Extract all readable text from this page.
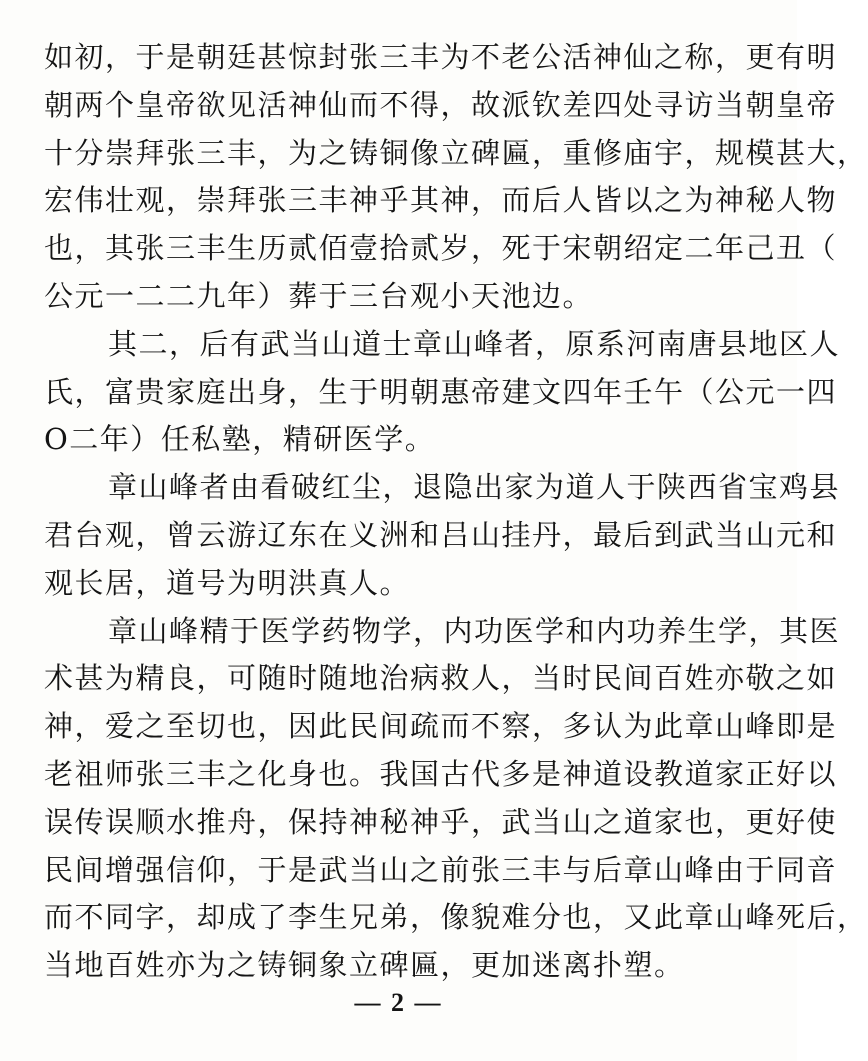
如初，于是朝廷甚惊封张三丰为不老公活神仙之称，更有明
朝两个皇帝欲见活神仙而不得，故派钦差四处寻访当朝皇帝
十分崇拜张三丰，为之铸铜像立碑匾，重修庙宇，规模甚大，
宏伟壮观，崇拜张三丰神乎其神，而后人皆以之为神秘人物
也，其张三丰生历贰佰壹拾贰岁，死于宋朝绍定二年己丑（
公元一二二九年）葬于三台观小天池边。
其二，后有武当山道士章山峰者，原系河南唐县地区人
氏，富贵家庭出身，生于明朝惠帝建文四年壬午（公元一四
O二年）任私塾，精研医学。
章山峰者由看破红尘，退隐出家为道人于陕西省宝鸡县
君台观，曾云游辽东在义洲和吕山挂丹，最后到武当山元和
观长居，道号为明洪真人。
章山峰精于医学药物学，内功医学和内功养生学，其医
术甚为精良，可随时随地治病救人，当时民间百姓亦敬之如
神，爱之至切也，因此民间疏而不察，多认为此章山峰即是
老祖师张三丰之化身也。我国古代多是神道设教道家正好以
误传误顺水推舟，保持神秘神乎，武当山之道家也，更好使
民间增强信仰，于是武当山之前张三丰与后章山峰由于同音
而不同字，却成了李生兄弟，像貌难分也，又此章山峰死后，
当地百姓亦为之铸铜象立碑匾，更加迷离扑塑。
— 2 —
